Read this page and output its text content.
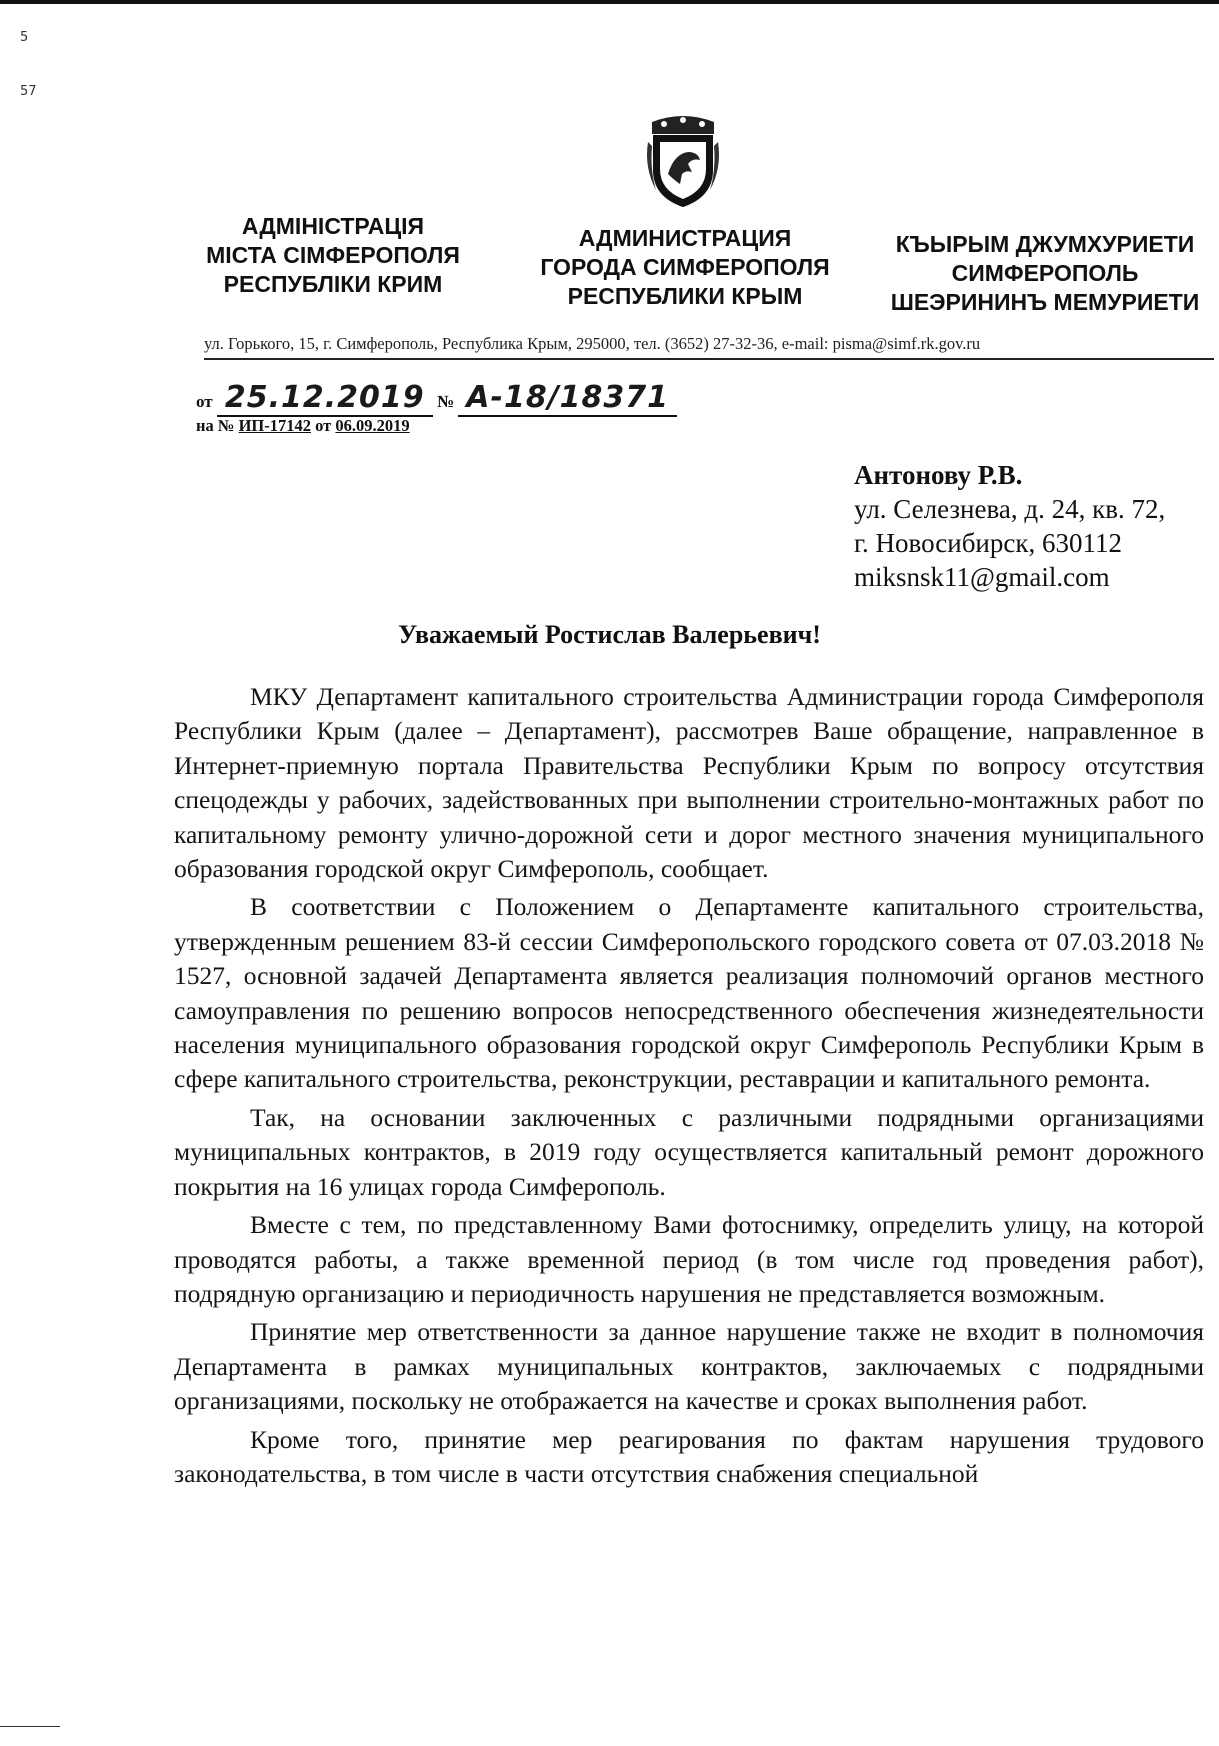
5
57
АДМІНІСТРАЦІЯ
МІСТА СІМФЕРОПОЛЯ
РЕСПУБЛІКИ КРИМ
АДМИНИСТРАЦИЯ
ГОРОДА СИМФЕРОПОЛЯ
РЕСПУБЛИКИ КРЫМ
КЪЫРЫМ ДЖУМХУРИЕТИ
СИМФЕРОПОЛЬ
ШЕЭРИНИНЪ МЕМУРИЕТИ
ул. Горького, 15, г. Симферополь, Республика Крым, 295000, тел. (3652) 27-32-36, e-mail: pisma@simf.rk.gov.ru
от 25.12.2019 № А-18/18371
на № ИП-17142 от 06.09.2019
Антонову Р.В.
ул. Селезнева, д. 24, кв. 72,
г. Новосибирск, 630112
miksnsk11@gmail.com
Уважаемый Ростислав Валерьевич!

МКУ Департамент капитального строительства Администрации города Симферополя Республики Крым (далее – Департамент), рассмотрев Ваше обращение, направленное в Интернет-приемную портала Правительства Республики Крым по вопросу отсутствия спецодежды у рабочих, задействованных при выполнении строительно-монтажных работ по капитальному ремонту улично-дорожной сети и дорог местного значения муниципального образования городской округ Симферополь, сообщает.

В соответствии с Положением о Департаменте капитального строительства, утвержденным решением 83-й сессии Симферопольского городского совета от 07.03.2018 № 1527, основной задачей Департамента является реализация полномочий органов местного самоуправления по решению вопросов непосредственного обеспечения жизнедеятельности населения муниципального образования городской округ Симферополь Республики Крым в сфере капитального строительства, реконструкции, реставрации и капитального ремонта.

Так, на основании заключенных с различными подрядными организациями муниципальных контрактов, в 2019 году осуществляется капитальный ремонт дорожного покрытия на 16 улицах города Симферополь.

Вместе с тем, по представленному Вами фотоснимку, определить улицу, на которой проводятся работы, а также временной период (в том числе год проведения работ), подрядную организацию и периодичность нарушения не представляется возможным.

Принятие мер ответственности за данное нарушение также не входит в полномочия Департамента в рамках муниципальных контрактов, заключаемых с подрядными организациями, поскольку не отображается на качестве и сроках выполнения работ.

Кроме того, принятие мер реагирования по фактам нарушения трудового законодательства, в том числе в части отсутствия снабжения специальной
